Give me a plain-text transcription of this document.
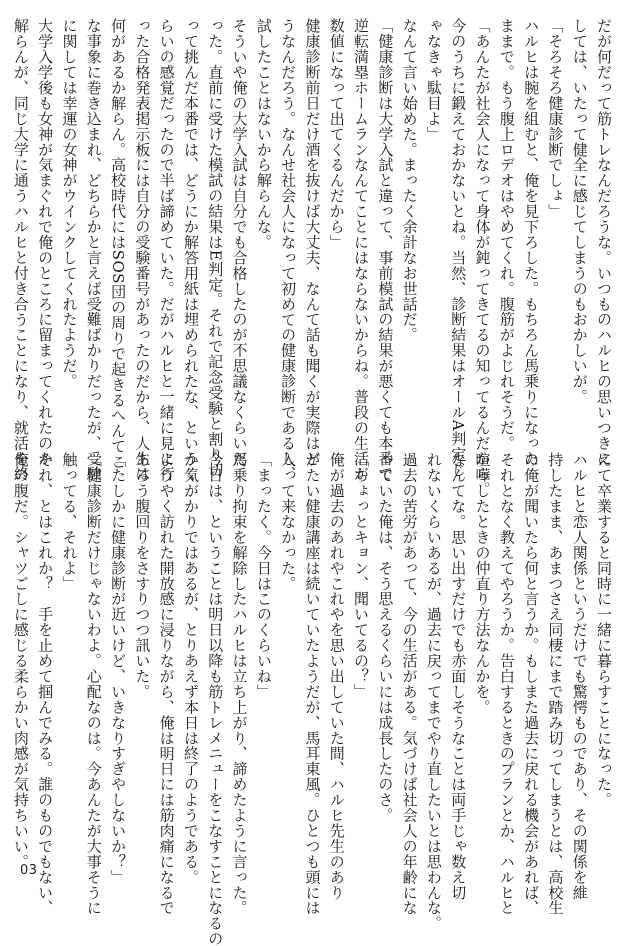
だが何だって筋トレなんだろうな。いつものハルヒの思いつきに
しては、いたって健全に感じてしまうのもおかしいが。
「そろそろ健康診断でしょ」
ハルヒは腕を組むと、俺を見下ろした。もちろん馬乗りになった
ままで。もう腹上ロデオはやめてくれ。腹筋がよじれそうだ。
「あんたが社会人になって身体が鈍ってきてるの知ってるんだから。
今のうちに鍛えておかないとね。当然、診断結果はオールA判定じ
ゃなきゃ駄目よ」
なんて言い始めた。まったく余計なお世話だ。
「健康診断は大学入試と違って、事前模試の結果が悪くても本番で
逆転満塁ホームランなんてことにはならないからね。普段の生活が
数値になって出てくるんだから」
健康診断前日だけ酒を抜けば大丈夫、なんて話も聞くが実際はど
うなんだろう。なんせ社会人になって初めての健康診断であるし、
試したことはないから解らんな。
そういや俺の大学入試は自分でも合格したのが不思議なくらいだ
った。直前に受けた模試の結果はE判定。それで記念受験と割り切
って挑んだ本番では、どうにか解答用紙は埋められたな、というく
らいの感覚だったので半ば諦めていた。だがハルヒと一緒に見に行
った合格発表掲示板には自分の受験番号があったのだから、人生は
何があるか解らん。高校時代にはSOS団の周りで起きるへんてこ
な事象に巻き込まれ、どちらかと言えば受難ばかりだったが、受験
に関しては幸運の女神がウインクしてくれたようだ。
大学入学後も女神が気まぐれで俺のところに留まってくれたのか
解らんが、同じ大学に通うハルヒと付き合うことになり、就活を終
えて卒業すると同時に一緒に暮らすことになった。
ハルヒと恋人関係というだけでも驚愕ものであり、その関係を維
持したまま、あまつさえ同棲にまで踏み切ってしまうとは、高校生
の俺が聞いたら何と言うか。もしまた過去に戻れる機会があれば、
それとなく教えてやろうか。告白するときのプランとか、ハルヒと
喧嘩したときの仲直り方法なんかを。
なんてな。思い出すだけでも赤面しそうなことは両手じゃ数え切
れないくらいあるが、過去に戻ってまでやり直したいとは思わんな。
過去の苦労があって、今の生活がある。気づけば社会人の年齢にな
っていた俺は、そう思えるくらいには成長したのさ。
「ちょっとキョン、聞いてるの？」
俺が過去のあれやこれやを思い出していた間、ハルヒ先生のあり
がたい健康講座は続いていたようだが、馬耳東風。ひとつも頭には
入って来なかった。
「まったく。今日はこのくらいね」
馬乗り拘束を解除したハルヒは立ち上がり、諦めたように言った。
今日は、ということは明日以降も筋トレメニューをこなすことになるの
か気がかりではあるが、とりあえず本日は終了のようである。
ようやく訪れた開放感に浸りながら、俺は明日には筋肉痛になるで
あろう腹回りをさすりつつ訊いた。
「たしかに健康診断が近いけど、いきなりすぎやしないか？」
「健康診断だけじゃないわよ。心配なのは。今あんたが大事そうに
触ってる、それよ」
それ、とはこれか？　手を止めて掴んでみる。誰のものでもない、
俺の腹だ。シャツごしに感じる柔らかい肉感が気持ちいい。
03
